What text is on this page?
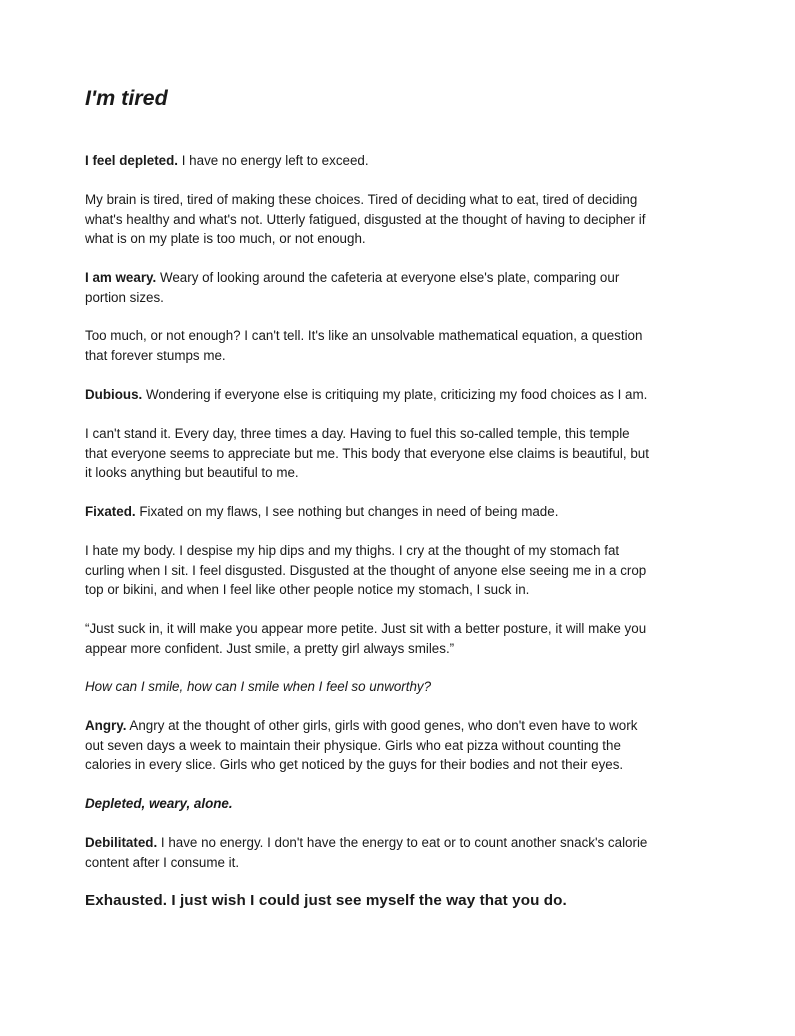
I'm tired

I feel depleted. I have no energy left to exceed.

My brain is tired, tired of making these choices. Tired of deciding what to eat, tired of deciding
what's healthy and what's not. Utterly fatigued, disgusted at the thought of having to decipher if
what is on my plate is too much, or not enough.

I am weary. Weary of looking around the cafeteria at everyone else's plate, comparing our
portion sizes.

Too much, or not enough? I can't tell. It's like an unsolvable mathematical equation, a question
that forever stumps me.

Dubious. Wondering if everyone else is critiquing my plate, criticizing my food choices as I am.

I can't stand it. Every day, three times a day. Having to fuel this so-called temple, this temple
that everyone seems to appreciate but me. This body that everyone else claims is beautiful, but
it looks anything but beautiful to me.

Fixated. Fixated on my flaws, I see nothing but changes in need of being made.

I hate my body. I despise my hip dips and my thighs. I cry at the thought of my stomach fat
curling when I sit. I feel disgusted. Disgusted at the thought of anyone else seeing me in a crop
top or bikini, and when I feel like other people notice my stomach, I suck in.

“Just suck in, it will make you appear more petite. Just sit with a better posture, it will make you
appear more confident. Just smile, a pretty girl always smiles.”

How can I smile, how can I smile when I feel so unworthy?

Angry. Angry at the thought of other girls, girls with good genes, who don't even have to work
out seven days a week to maintain their physique. Girls who eat pizza without counting the
calories in every slice. Girls who get noticed by the guys for their bodies and not their eyes.

Depleted, weary, alone.

Debilitated. I have no energy. I don't have the energy to eat or to count another snack's calorie
content after I consume it.

Exhausted. I just wish I could just see myself the way that you do.
